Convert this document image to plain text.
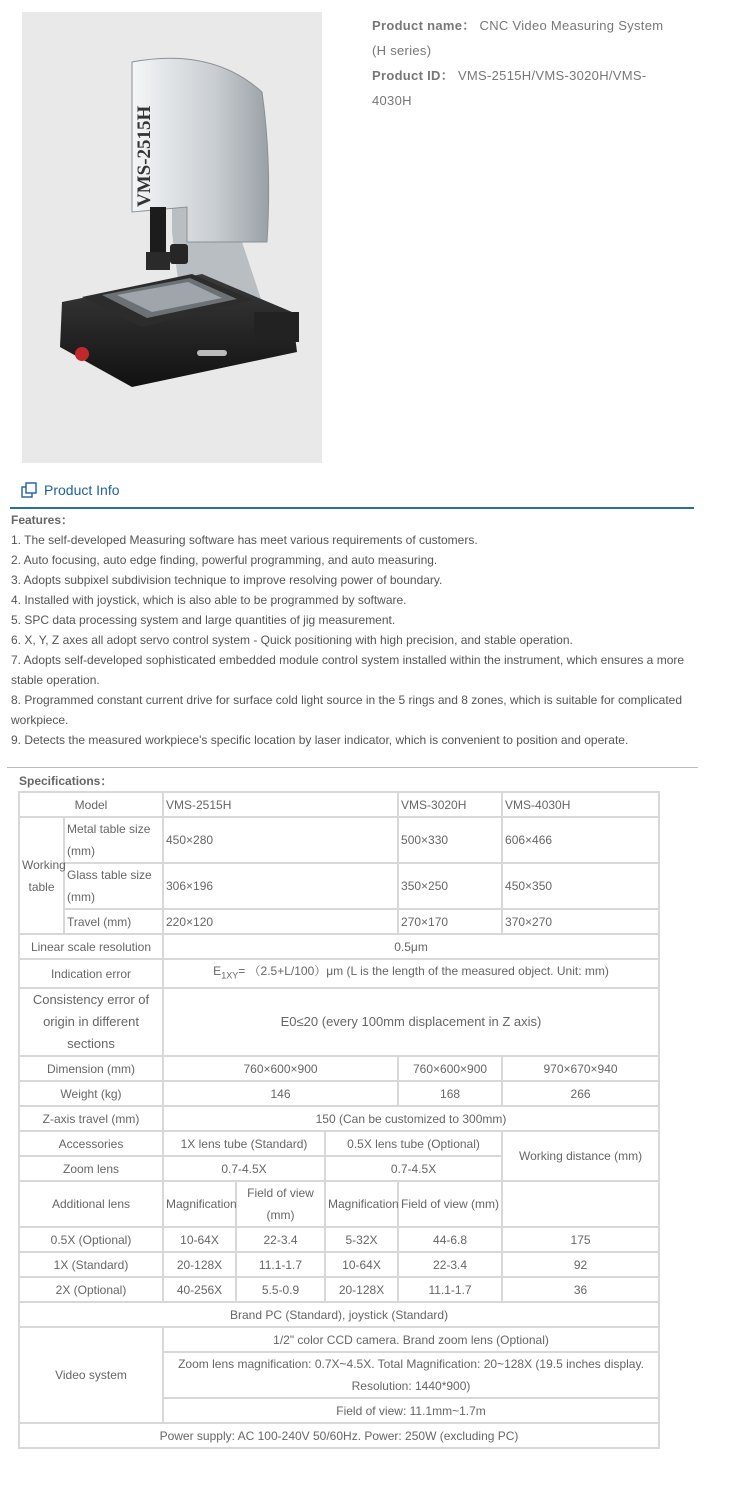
VMS-2515H
Product name： CNC Video Measuring System (H series)
Product ID： VMS-2515H/VMS-3020H/VMS-4030H
Product Info
Features：
1. The self-developed Measuring software has meet various requirements of customers.
2. Auto focusing, auto edge finding, powerful programming, and auto measuring.
3. Adopts subpixel subdivision technique to improve resolving power of boundary.
4. Installed with joystick, which is also able to be programmed by software.
5. SPC data processing system and large quantities of jig measurement.
6. X, Y, Z axes all adopt servo control system - Quick positioning with high precision, and stable operation.
7. Adopts self-developed sophisticated embedded module control system installed within the instrument, which ensures a more stable operation.
8. Programmed constant current drive for surface cold light source in the 5 rings and 8 zones, which is suitable for complicated workpiece.
9. Detects the measured workpiece's specific location by laser indicator, which is convenient to position and operate.
Specifications：
Model		VMS-2515H			VMS-3020H	VMS-4030H
Working table	Metal table size (mm)	450×280			500×330	606×466
	Glass table size (mm)	306×196			350×250	450×350
	Travel (mm)	220×120			270×170	370×270
Linear scale resolution		0.5μm				
Indication error		$E_{1XY}= (2.5+L/100)\mu m$ (L is the length of the measured object. Unit: mm)				
Consistency error of origin in different sections		E0≤20 (every 100mm displacement in Z axis)				
Dimension (mm)		760×600×900			760×600×900	970×670×940
Weight (kg)		146			168	266
Z-axis travel (mm)		150 (Can be customized to 300mm)				
Accessories		1X lens tube (Standard)		0.5X lens tube (Optional)		Working distance (mm)
Zoom lens		0.7-4.5X		0.7-4.5X		
Additional lens		Magnification	Field of view (mm)	Magnification	Field of view (mm)	
0.5X (Optional)		10-64X	22-3.4	5-32X	44-6.8	175
1X (Standard)		20-128X	11.1-1.7	10-64X	22-3.4	92
2X (Optional)		40-256X	5.5-0.9	20-128X	11.1-1.7	36
Brand PC (Standard), joystick (Standard)						
Video system		1/2" color CCD camera. Brand zoom lens (Optional)				
		Zoom lens magnification: 0.7X~4.5X. Total Magnification: 20~128X (19.5 inches display. Resolution: 1440*900)				
		Field of view: 11.1mm~1.7m				
Power supply: AC 100-240V 50/60Hz. Power: 250W (excluding PC)						
